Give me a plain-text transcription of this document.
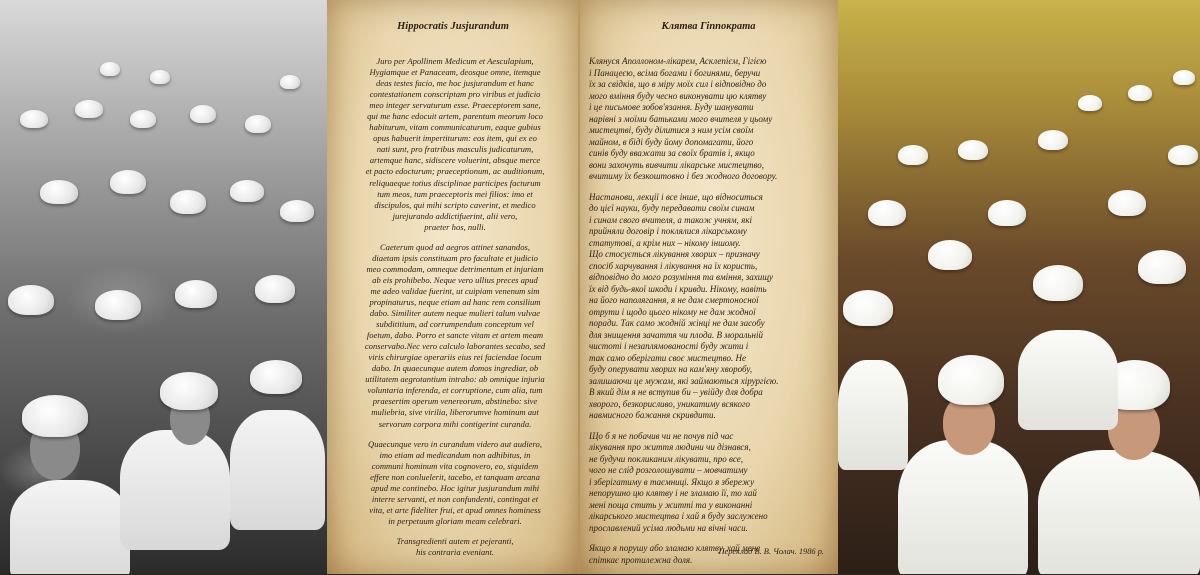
Hippocratis Jusjurandum

Juro per Apollinem Medicum et Aesculapium,
Hygiamque et Panaceam, deosque omne, itemque
deas testes facio, me hoc jusjurandum et hanc
contestationem conscriptam pro viribus et judicio
meo integer servaturum esse. Praeceptorem sane,
qui me hanc edocuit artem, parentum meorum loco
habiturum, vitam communicaturum, eaque gubius
opus habuerit impertiturum: eos item, qui ex eo
nati sunt, pro fratribus masculis judicaturum,
artemque hanc, sidiscere voluerint, absque merce
et pacto edocturum; praeceptionum, ac auditionum,
reliquaeque totius disciplinae participes facturum
tum meos, tum praeceptoris mei filios: imo et
discipulos, qui mihi scripto caverint, et medico
jurejurando addictifuerint, alii vero,
praeter hos, nulli.

Caeterum quod ad aegros attinet sanandos,
diaetam ipsis constituam pro facultate et judicio
meo commodam, omneque detrimentum et injuriam
ab eis prohibebo. Neque vero ullius preces apud
me adeo validae fuerint, ut cuipiam venenum sim
propinaturus, neque etiam ad hanc rem consilium
dabo. Similiter autem neque mulieri talum vulvae
subdititium, ad corrumpendum conceptum vel
foetum, dabo. Porro et sancte vitam et artem meam
conservabo.Nec vero calculo laborantes secabo, sed
viris chirurgiae operariis eius rei faciendae locum
dabo. In quaecunque autem domos ingrediar, ob
utilitatem aegrotantium intrabo: ab omnique injuria
voluntaria inferenda, et corruptione, cum alia, tum
praesertim operum venereorum, abstinebo: sive
muliebria, sive virilia, liberorumve hominum aut
servorum corpora mihi contigerint curanda.

Quaecunque vero in curandum videro aut audiero,
imo etiam ad medicandum non adhibitus, in
communi hominum vita cognovero, eo, siquidem
effere non conluelerit, tacebo, et tanquam arcana
apud me continebo. Hoc igitur jusjurandum mihi
interre servanti, et non confundenti, contingat et
vita, et arte fideliter frui, et apud omnes hominess
in perpetuum gloriam meam celebrari.

Transgredienti autem et pejeranti,
his contraria eveniant.

Клятва Гіппократа

Клянуся Аполлоном-лікарем, Асклепієм, Гігією
і Панацеєю, всіма богами і богинями, беручи
їх за свідків, що в міру моїх сил і відповідно до
мого вміння буду чесно виконувати цю клятву
і це письмове зобов'язання. Буду шанувати
нарівні з моїми батьками мого вчителя у цьому
мистецтві, буду ділитися з ним усім своїм
майном, в біді буду йому допомагати, його
синів буду вважати за своїх братів і, якщо
вони захочуть вивчити лікарське мистецтво,
вчитиму їх безкоштовно і без жодного договору.

Настанови, лекції і все інше, що відноситься
до цієї науки, буду передавати своїм синам
і синам свого вчителя, а також учням, які
прийняли договір і поклялися лікарському
статутові, а крім них – нікому іншому.
Що стосується лікування хворих – призначу
спосіб харчування і лікування на їх користь,
відповідно до мого розуміння та вміння, захищу
їх від будь-якої шкоди і кривди. Нікому, навіть
на його наполягання, я не дам смертоносної
отрути і щодо цього нікому не дам жодної
поради. Так само жодній жінці не дам засобу
для знищення зачаття чи плода. В моральній
чистоті і незаплямованості буду жити і
так само оберігати своє мистецтво. Не
буду оперувати хворих на кам'яну хворобу,
залишаючи це мужам, які займаються хірургією.
В який дім я не вступив би – увійду для добра
хворого, безкорисливо, уникатиму всякого
навмисного бажання скривдити.

Що б я не побачив чи не почув під час
лікування про життя людини чи дізнався,
не будучи покликаним лікувати, про все,
чого не слід розголошувати – мовчатиму
і зберігатиму в таємниці. Якщо я збережу
непорушно цю клятву і не зламаю її, то хай
мені поща стить у житті та у виконанні
лікарського мистецтва і хай я буду заслужено
прославлений усіма людьми на вічні часи.

Якщо я порушу або зламаю клятву, хай мене
спіткає протилежна доля.

Переклад В. В. Чолач. 1986 р.
